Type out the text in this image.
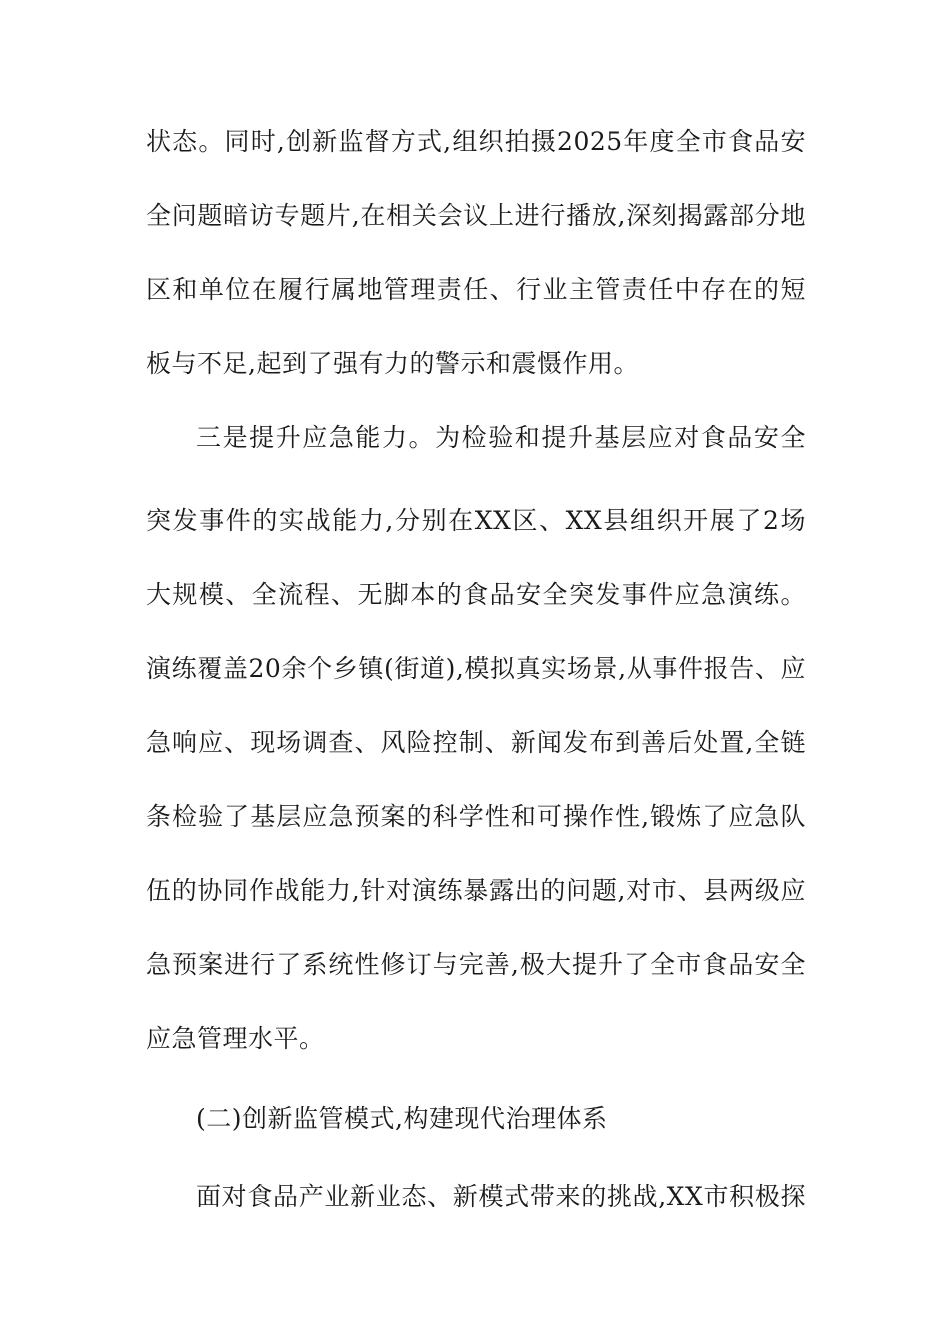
状态。同时,创新监督方式,组织拍摄2025年度全市食品安
全问题暗访专题片,在相关会议上进行播放,深刻揭露部分地
区和单位在履行属地管理责任、行业主管责任中存在的短
板与不足,起到了强有力的警示和震慑作用。
三是提升应急能力。为检验和提升基层应对食品安全
突发事件的实战能力,分别在XX区、XX县组织开展了2场
大规模、全流程、无脚本的食品安全突发事件应急演练。
演练覆盖20余个乡镇(街道),模拟真实场景,从事件报告、应
急响应、现场调查、风险控制、新闻发布到善后处置,全链
条检验了基层应急预案的科学性和可操作性,锻炼了应急队
伍的协同作战能力,针对演练暴露出的问题,对市、县两级应
急预案进行了系统性修订与完善,极大提升了全市食品安全
应急管理水平。
(二)创新监管模式,构建现代治理体系
面对食品产业新业态、新模式带来的挑战,XX市积极探
